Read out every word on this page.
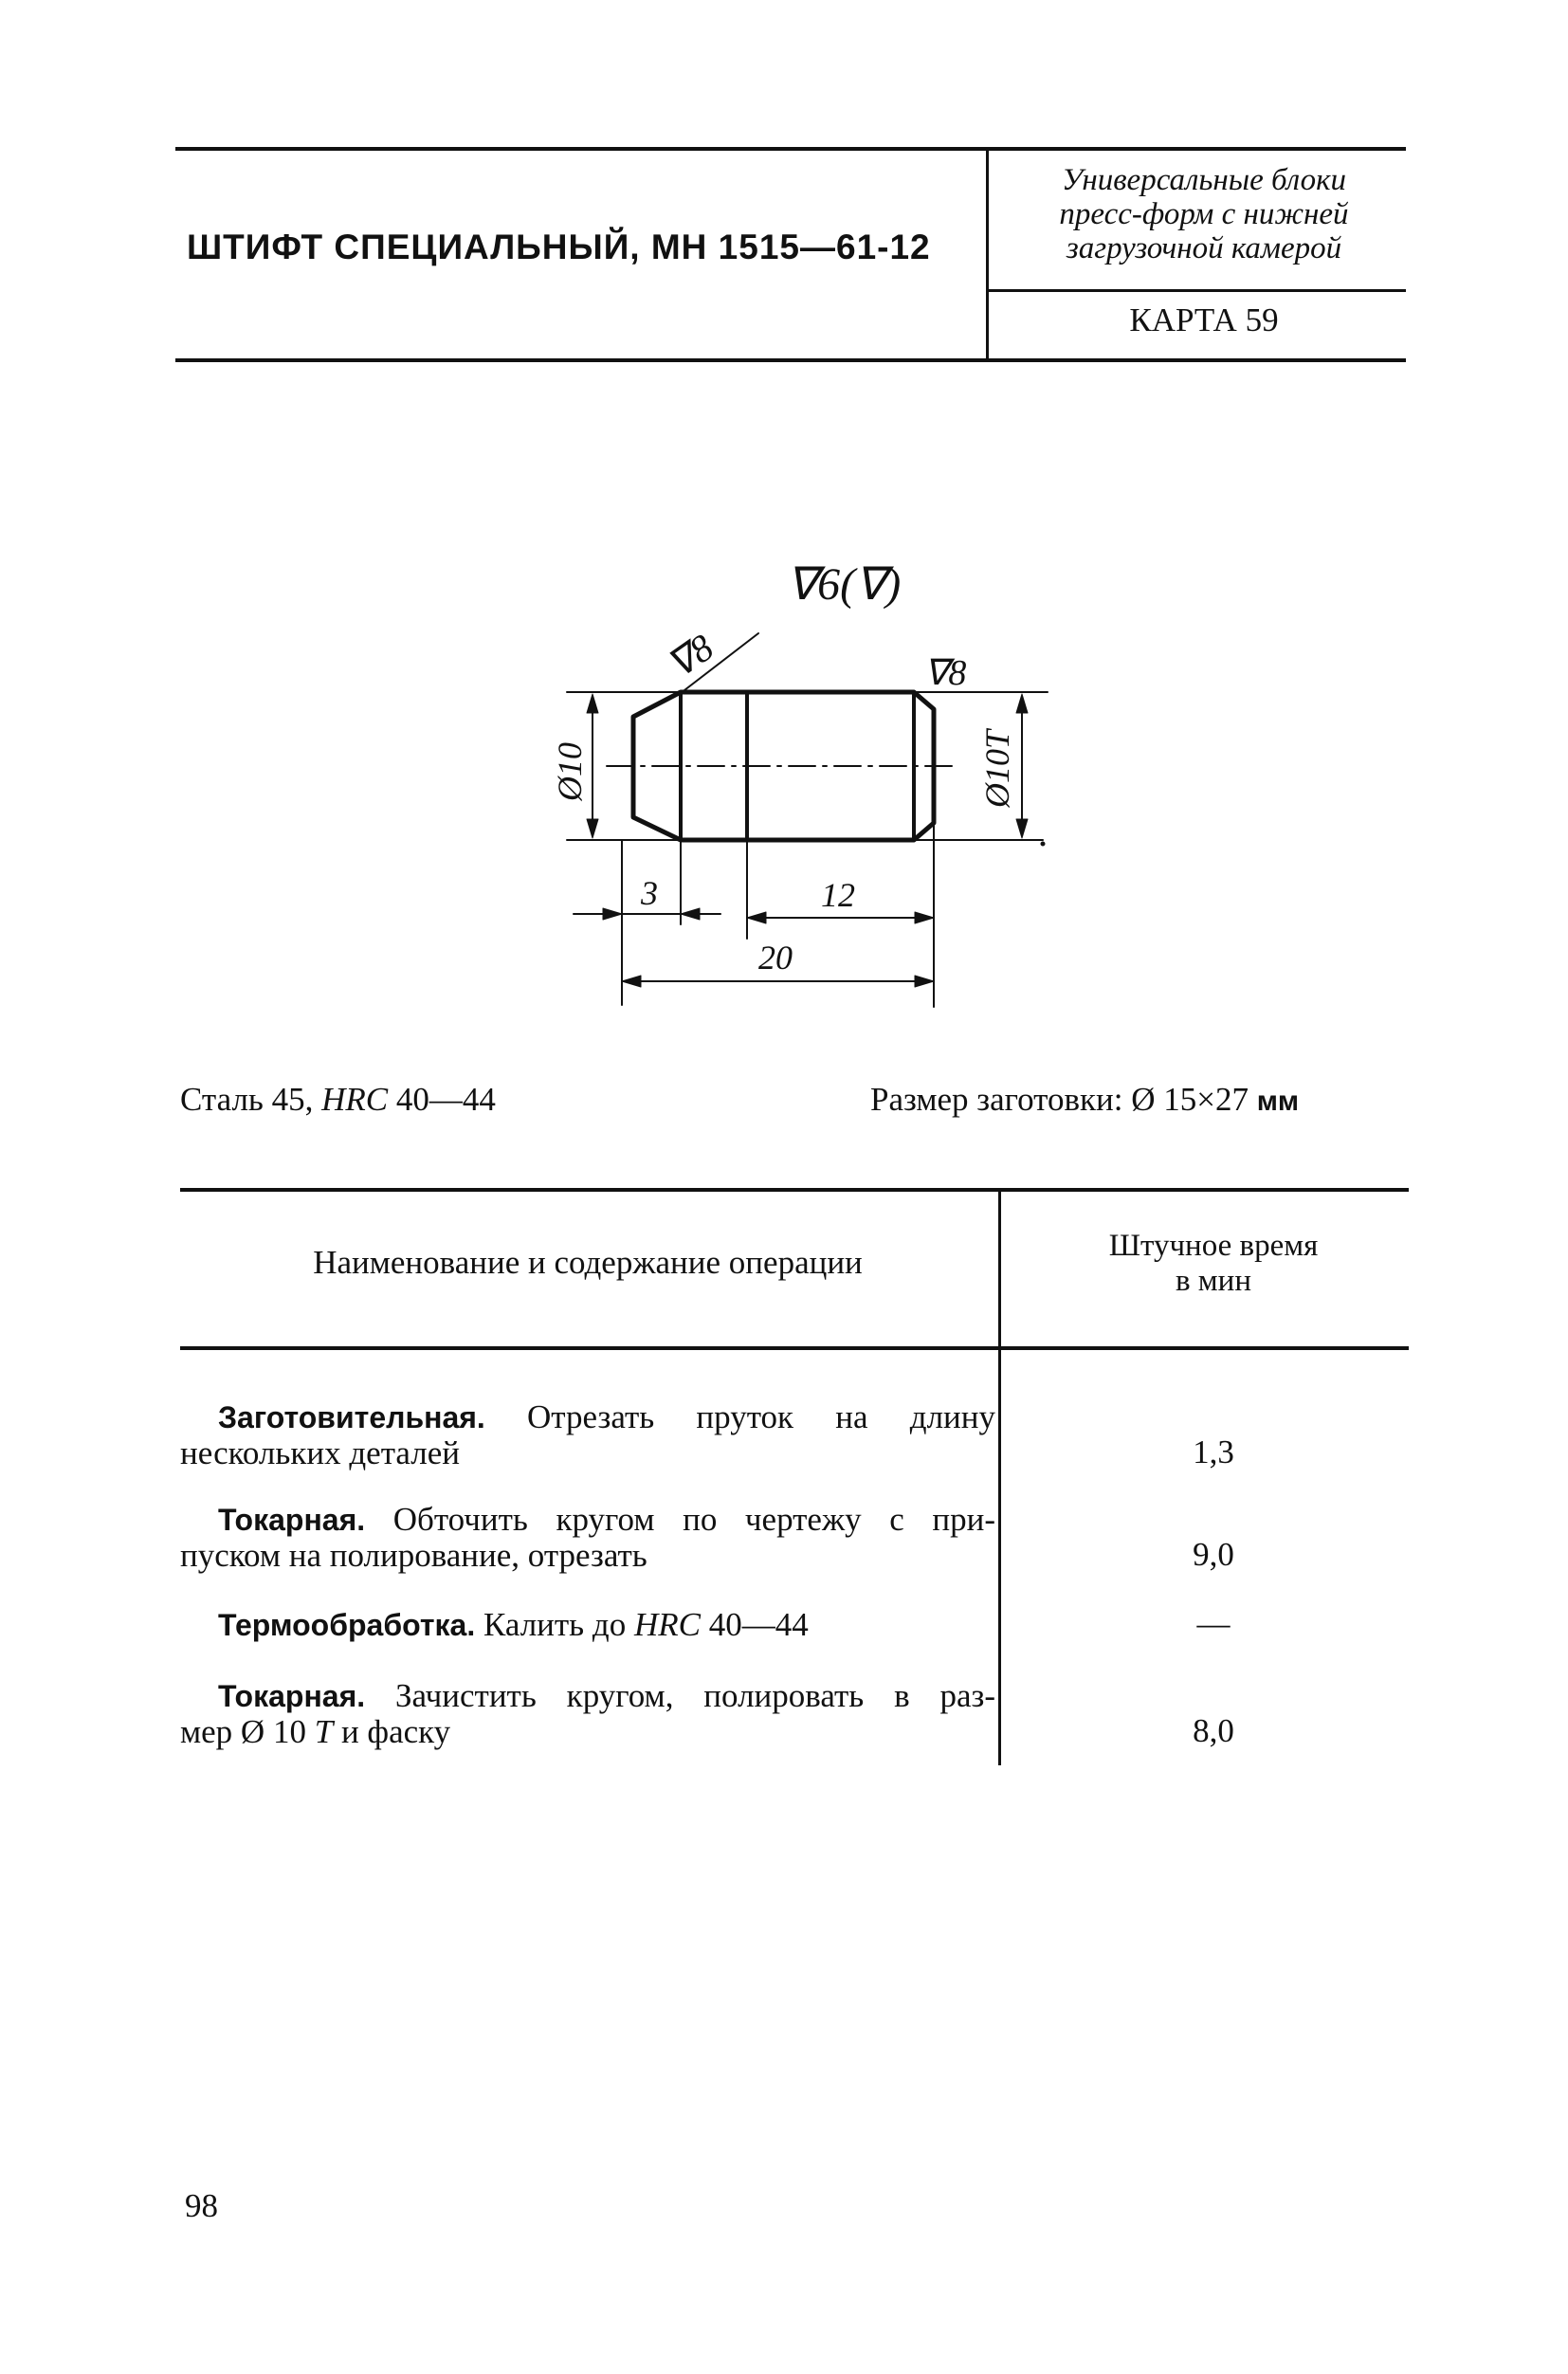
ШТИФТ СПЕЦИАЛЬНЫЙ, МН 1515—61-12
Универсальные блоки
пресс-форм с нижней
загрузочной камерой
КАРТА 59
∇6(∇)
∇8	∇8
Ø10	Ø10Т
3	12
20
Сталь 45, HRC 40—44	Размер заготовки: Ø 15×27 мм
Наименование и содержание операции	Штучное время
в мин
Заготовительная. Отрезать пруток на длину
нескольких деталей	1,3
Токарная. Обточить кругом по чертежу с при-
пуском на полирование, отрезать	9,0
Термообработка. Калить до HRC 40—44	—
Токарная. Зачистить кругом, полировать в раз-
мер Ø 10 Т и фаску	8,0
98
